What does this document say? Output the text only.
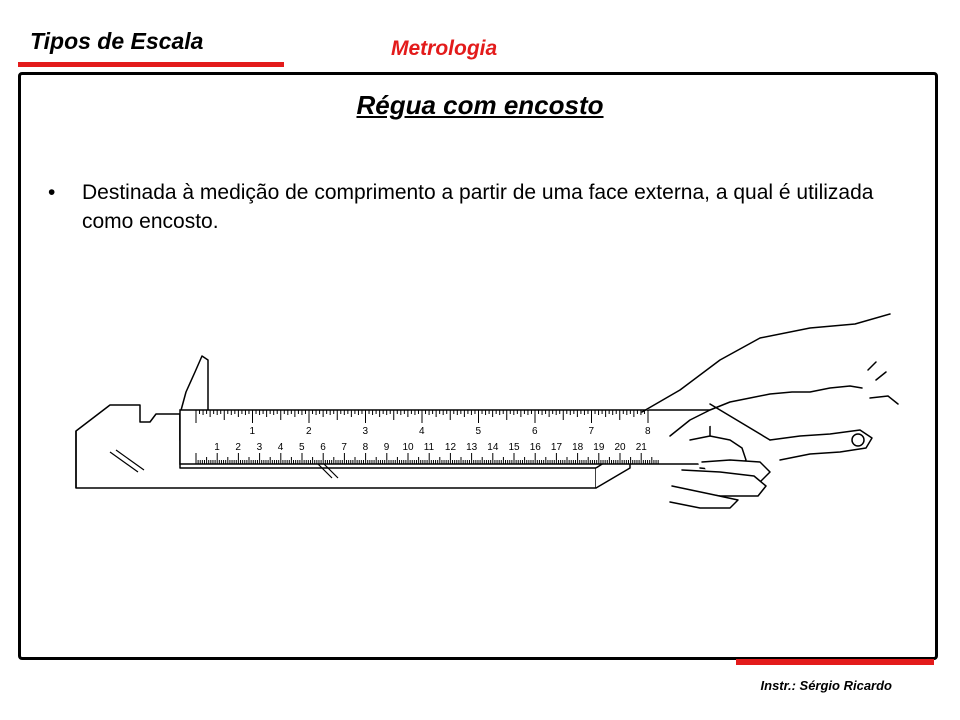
Tipos de Escala	Metrologia
Régua com encosto
•	Destinada à medição de comprimento a partir de uma face externa, a qual é utilizada como encosto.
1	2	3	4	5	6	7	8
1 2 3 4 5 6 7 8 9 10 11 12 13 14 15 16 17 18 19 20 21
Instr.: Sérgio Ricardo
